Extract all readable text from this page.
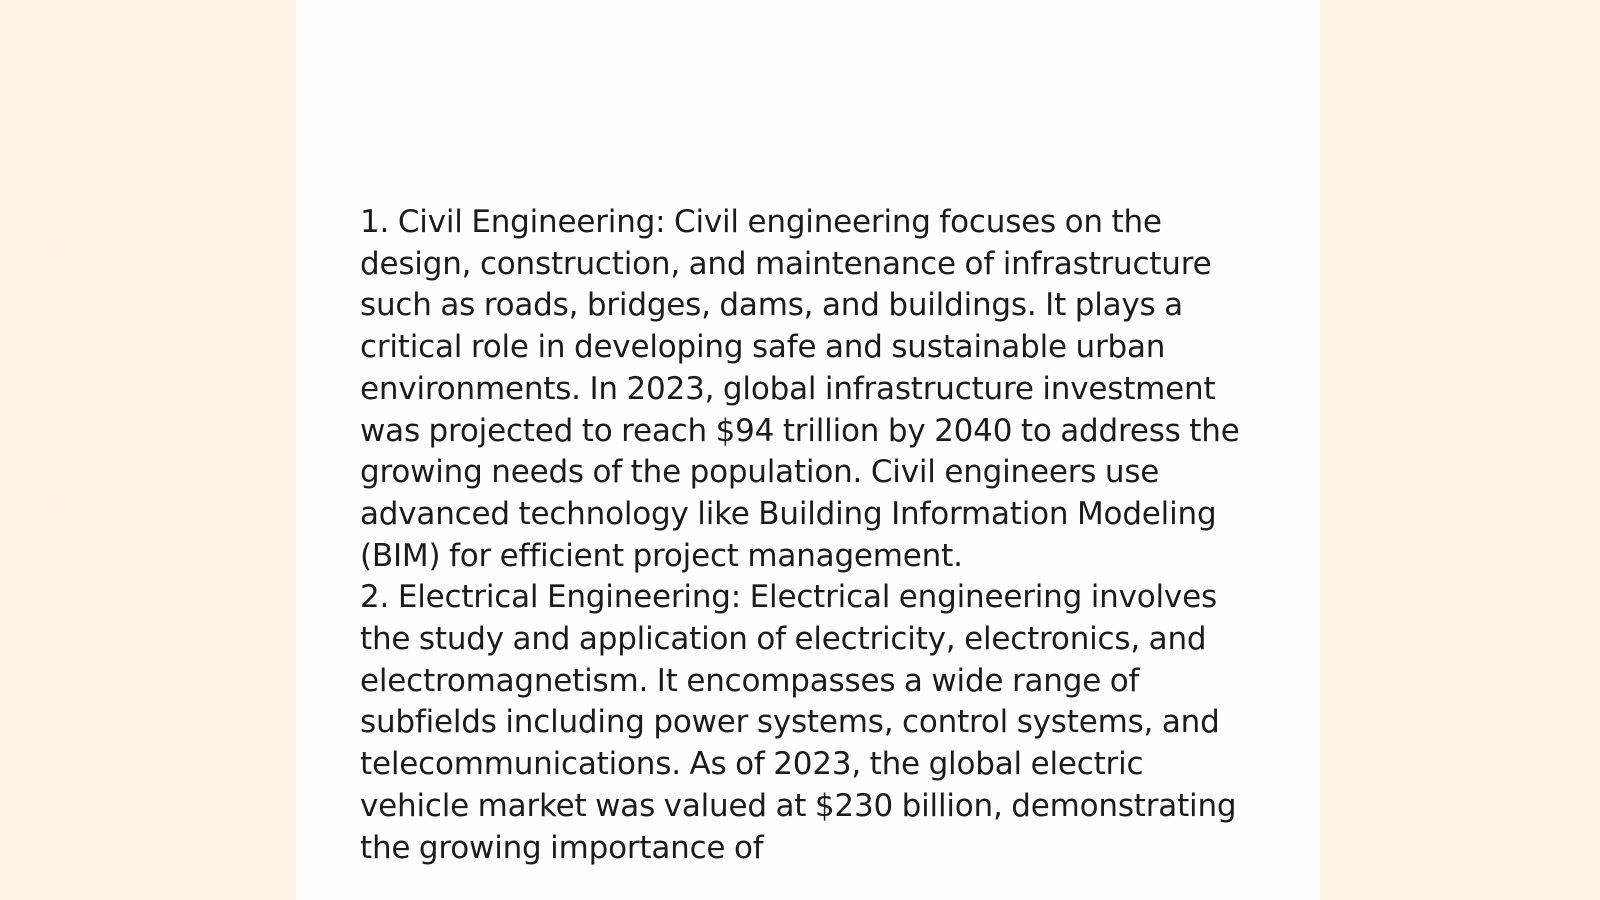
1. Civil Engineering: Civil engineering focuses on the design, construction, and maintenance of infrastructure such as roads, bridges, dams, and buildings. It plays a critical role in developing safe and sustainable urban environments. In 2023, global infrastructure investment was projected to reach $94 trillion by 2040 to address the growing needs of the population. Civil engineers use advanced technology like Building Information Modeling (BIM) for efficient project management.

2. Electrical Engineering: Electrical engineering involves the study and application of electricity, electronics, and electromagnetism. It encompasses a wide range of subfields including power systems, control systems, and telecommunications. As of 2023, the global electric vehicle market was valued at $230 billion, demonstrating the growing importance of
